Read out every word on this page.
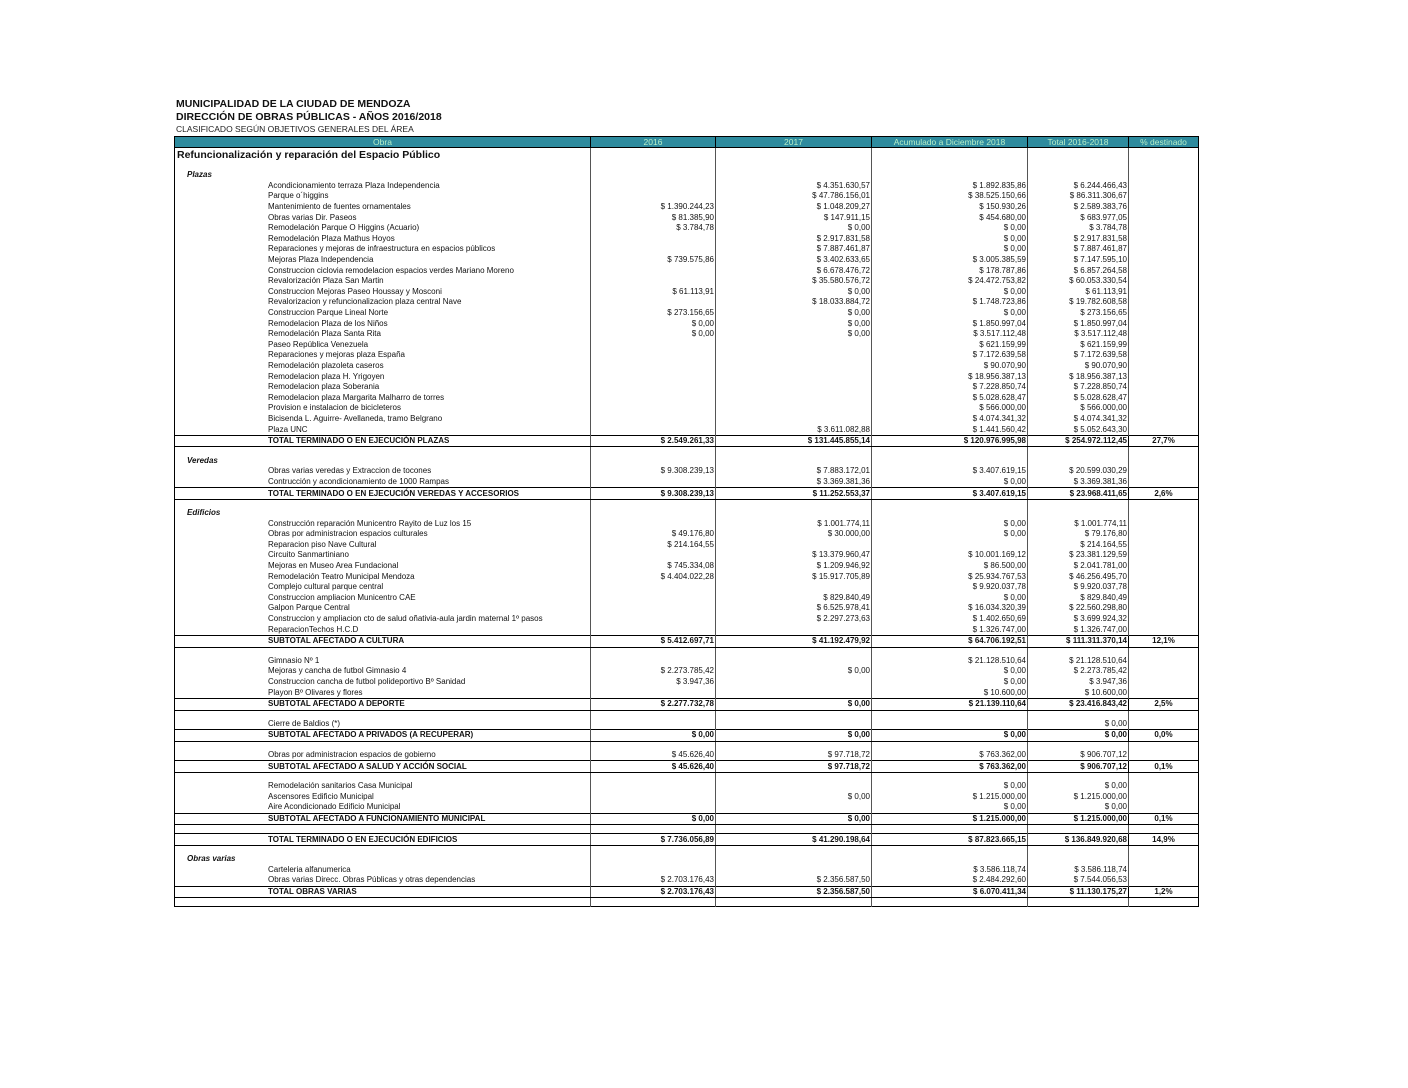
MUNICIPALIDAD DE LA CIUDAD DE MENDOZA
DIRECCIÓN DE OBRAS PÚBLICAS - AÑOS 2016/2018
CLASIFICADO SEGÚN OBJETIVOS GENERALES DEL ÁREA
Obra	2016	2017	Acumulado a Diciembre 2018	Total 2016-2018	% destinado
Refuncionalización y reparación del Espacio Público					

Plazas					
Acondicionamiento terraza Plaza Independencia		$ 4.351.630,57	$ 1.892.835,86	$ 6.244.466,43	
Parque o´higgins		$ 47.786.156,01	$ 38.525.150,66	$ 86.311.306,67	
Mantenimiento de fuentes ornamentales	$ 1.390.244,23	$ 1.048.209,27	$ 150.930,26	$ 2.589.383,76	
Obras varias Dir. Paseos	$ 81.385,90	$ 147.911,15	$ 454.680,00	$ 683.977,05	
Remodelación Parque O Higgins (Acuario)	$ 3.784,78	$ 0,00	$ 0,00	$ 3.784,78	
Remodelación Plaza Mathus Hoyos		$ 2.917.831,58	$ 0,00	$ 2.917.831,58	
Reparaciones y mejoras de infraestructura en espacios públicos		$ 7.887.461,87	$ 0,00	$ 7.887.461,87	
Mejoras Plaza Independencia	$ 739.575,86	$ 3.402.633,65	$ 3.005.385,59	$ 7.147.595,10	
Construccion ciclovia remodelacion espacios verdes Mariano Moreno		$ 6.678.476,72	$ 178.787,86	$ 6.857.264,58	
Revalorización Plaza San Martin		$ 35.580.576,72	$ 24.472.753,82	$ 60.053.330,54	
Construccion Mejoras Paseo Houssay y Mosconi	$ 61.113,91	$ 0,00	$ 0,00	$ 61.113,91	
Revalorizacion y refuncionalizacion plaza central Nave		$ 18.033.884,72	$ 1.748.723,86	$ 19.782.608,58	
Construccion Parque Lineal Norte	$ 273.156,65	$ 0,00	$ 0,00	$ 273.156,65	
Remodelacion Plaza de los Niños	$ 0,00	$ 0,00	$ 1.850.997,04	$ 1.850.997,04	
Remodelación Plaza Santa Rita	$ 0,00	$ 0,00	$ 3.517.112,48	$ 3.517.112,48	
Paseo República Venezuela			$ 621.159,99	$ 621.159,99	
Reparaciones y mejoras plaza España			$ 7.172.639,58	$ 7.172.639,58	
Remodelación plazoleta caseros			$ 90.070,90	$ 90.070,90	
Remodelacion plaza H. Yrigoyen			$ 18.956.387,13	$ 18.956.387,13	
Remodelacion plaza Soberania			$ 7.228.850,74	$ 7.228.850,74	
Remodelacion plaza Margarita Malharro de torres			$ 5.028.628,47	$ 5.028.628,47	
Provision e instalacion de bicicleteros			$ 566.000,00	$ 566.000,00	
Bicisenda L. Aguirre- Avellaneda, tramo Belgrano			$ 4.074.341,32	$ 4.074.341,32	
Plaza UNC		$ 3.611.082,88	$ 1.441.560,42	$ 5.052.643,30	
TOTAL TERMINADO O EN EJECUCIÓN PLAZAS	$ 2.549.261,33	$ 131.445.855,14	$ 120.976.995,98	$ 254.972.112,45	27,7%

Veredas					
Obras varias veredas y Extraccion de tocones	$ 9.308.239,13	$ 7.883.172,01	$ 3.407.619,15	$ 20.599.030,29	
Contrucción y acondicionamiento de 1000 Rampas		$ 3.369.381,36	$ 0,00	$ 3.369.381,36	
TOTAL TERMINADO O EN EJECUCIÓN VEREDAS Y ACCESORIOS	$ 9.308.239,13	$ 11.252.553,37	$ 3.407.619,15	$ 23.968.411,65	2,6%

Edificios					
Construcción reparación Municentro Rayito de Luz los 15		$ 1.001.774,11	$ 0,00	$ 1.001.774,11	
Obras por administracion espacios culturales	$ 49.176,80	$ 30.000,00	$ 0,00	$ 79.176,80	
Reparacion piso Nave Cultural	$ 214.164,55			$ 214.164,55	
Circuito Sanmartiniano		$ 13.379.960,47	$ 10.001.169,12	$ 23.381.129,59	
Mejoras en Museo Area Fundacional	$ 745.334,08	$ 1.209.946,92	$ 86.500,00	$ 2.041.781,00	
Remodelación Teatro Municipal Mendoza	$ 4.404.022,28	$ 15.917.705,89	$ 25.934.767,53	$ 46.256.495,70	
Complejo cultural parque central			$ 9.920.037,78	$ 9.920.037,78	
Construccion ampliacion Municentro CAE		$ 829.840,49	$ 0,00	$ 829.840,49	
Galpon Parque Central		$ 6.525.978,41	$ 16.034.320,39	$ 22.560.298,80	
Construccion y ampliacion cto de salud oñativia-aula jardin maternal 1º pasos		$ 2.297.273,63	$ 1.402.650,69	$ 3.699.924,32	
ReparacionTechos H.C.D			$ 1.326.747,00	$ 1.326.747,00	
SUBTOTAL AFECTADO A CULTURA	$ 5.412.697,71	$ 41.192.479,92	$ 64.706.192,51	$ 111.311.370,14	12,1%

Gimnasio Nº 1			$ 21.128.510,64	$ 21.128.510,64	
Mejoras y cancha de futbol Gimnasio 4	$ 2.273.785,42	$ 0,00	$ 0,00	$ 2.273.785,42	
Construccion cancha de futbol polideportivo Bº Sanidad	$ 3.947,36		$ 0,00	$ 3.947,36	
Playon Bº Olivares y flores			$ 10.600,00	$ 10.600,00	
SUBTOTAL AFECTADO A DEPORTE	$ 2.277.732,78	$ 0,00	$ 21.139.110,64	$ 23.416.843,42	2,5%

Cierre de Baldios (*)				$ 0,00	
SUBTOTAL AFECTADO A PRIVADOS (A RECUPERAR)	$ 0,00	$ 0,00	$ 0,00	$ 0,00	0,0%

Obras por administracion espacios de gobierno	$ 45.626,40	$ 97.718,72	$ 763.362,00	$ 906.707,12	
SUBTOTAL AFECTADO A SALUD Y ACCIÓN SOCIAL	$ 45.626,40	$ 97.718,72	$ 763.362,00	$ 906.707,12	0,1%

Remodelación sanitarios Casa Municipal			$ 0,00	$ 0,00	
Ascensores Edificio Municipal		$ 0,00	$ 1.215.000,00	$ 1.215.000,00	
Aire Acondicionado Edificio Municipal			$ 0,00	$ 0,00	
SUBTOTAL AFECTADO A FUNCIONAMIENTO MUNICIPAL	$ 0,00	$ 0,00	$ 1.215.000,00	$ 1.215.000,00	0,1%

TOTAL TERMINADO O EN EJECUCIÓN EDIFICIOS	$ 7.736.056,89	$ 41.290.198,64	$ 87.823.665,15	$ 136.849.920,68	14,9%

Obras varias					
Carteleria alfanumerica			$ 3.586.118,74	$ 3.586.118,74	
Obras varias Direcc. Obras Públicas y otras dependencias	$ 2.703.176,43	$ 2.356.587,50	$ 2.484.292,60	$ 7.544.056,53	
TOTAL OBRAS VARIAS	$ 2.703.176,43	$ 2.356.587,50	$ 6.070.411,34	$ 11.130.175,27	1,2%
